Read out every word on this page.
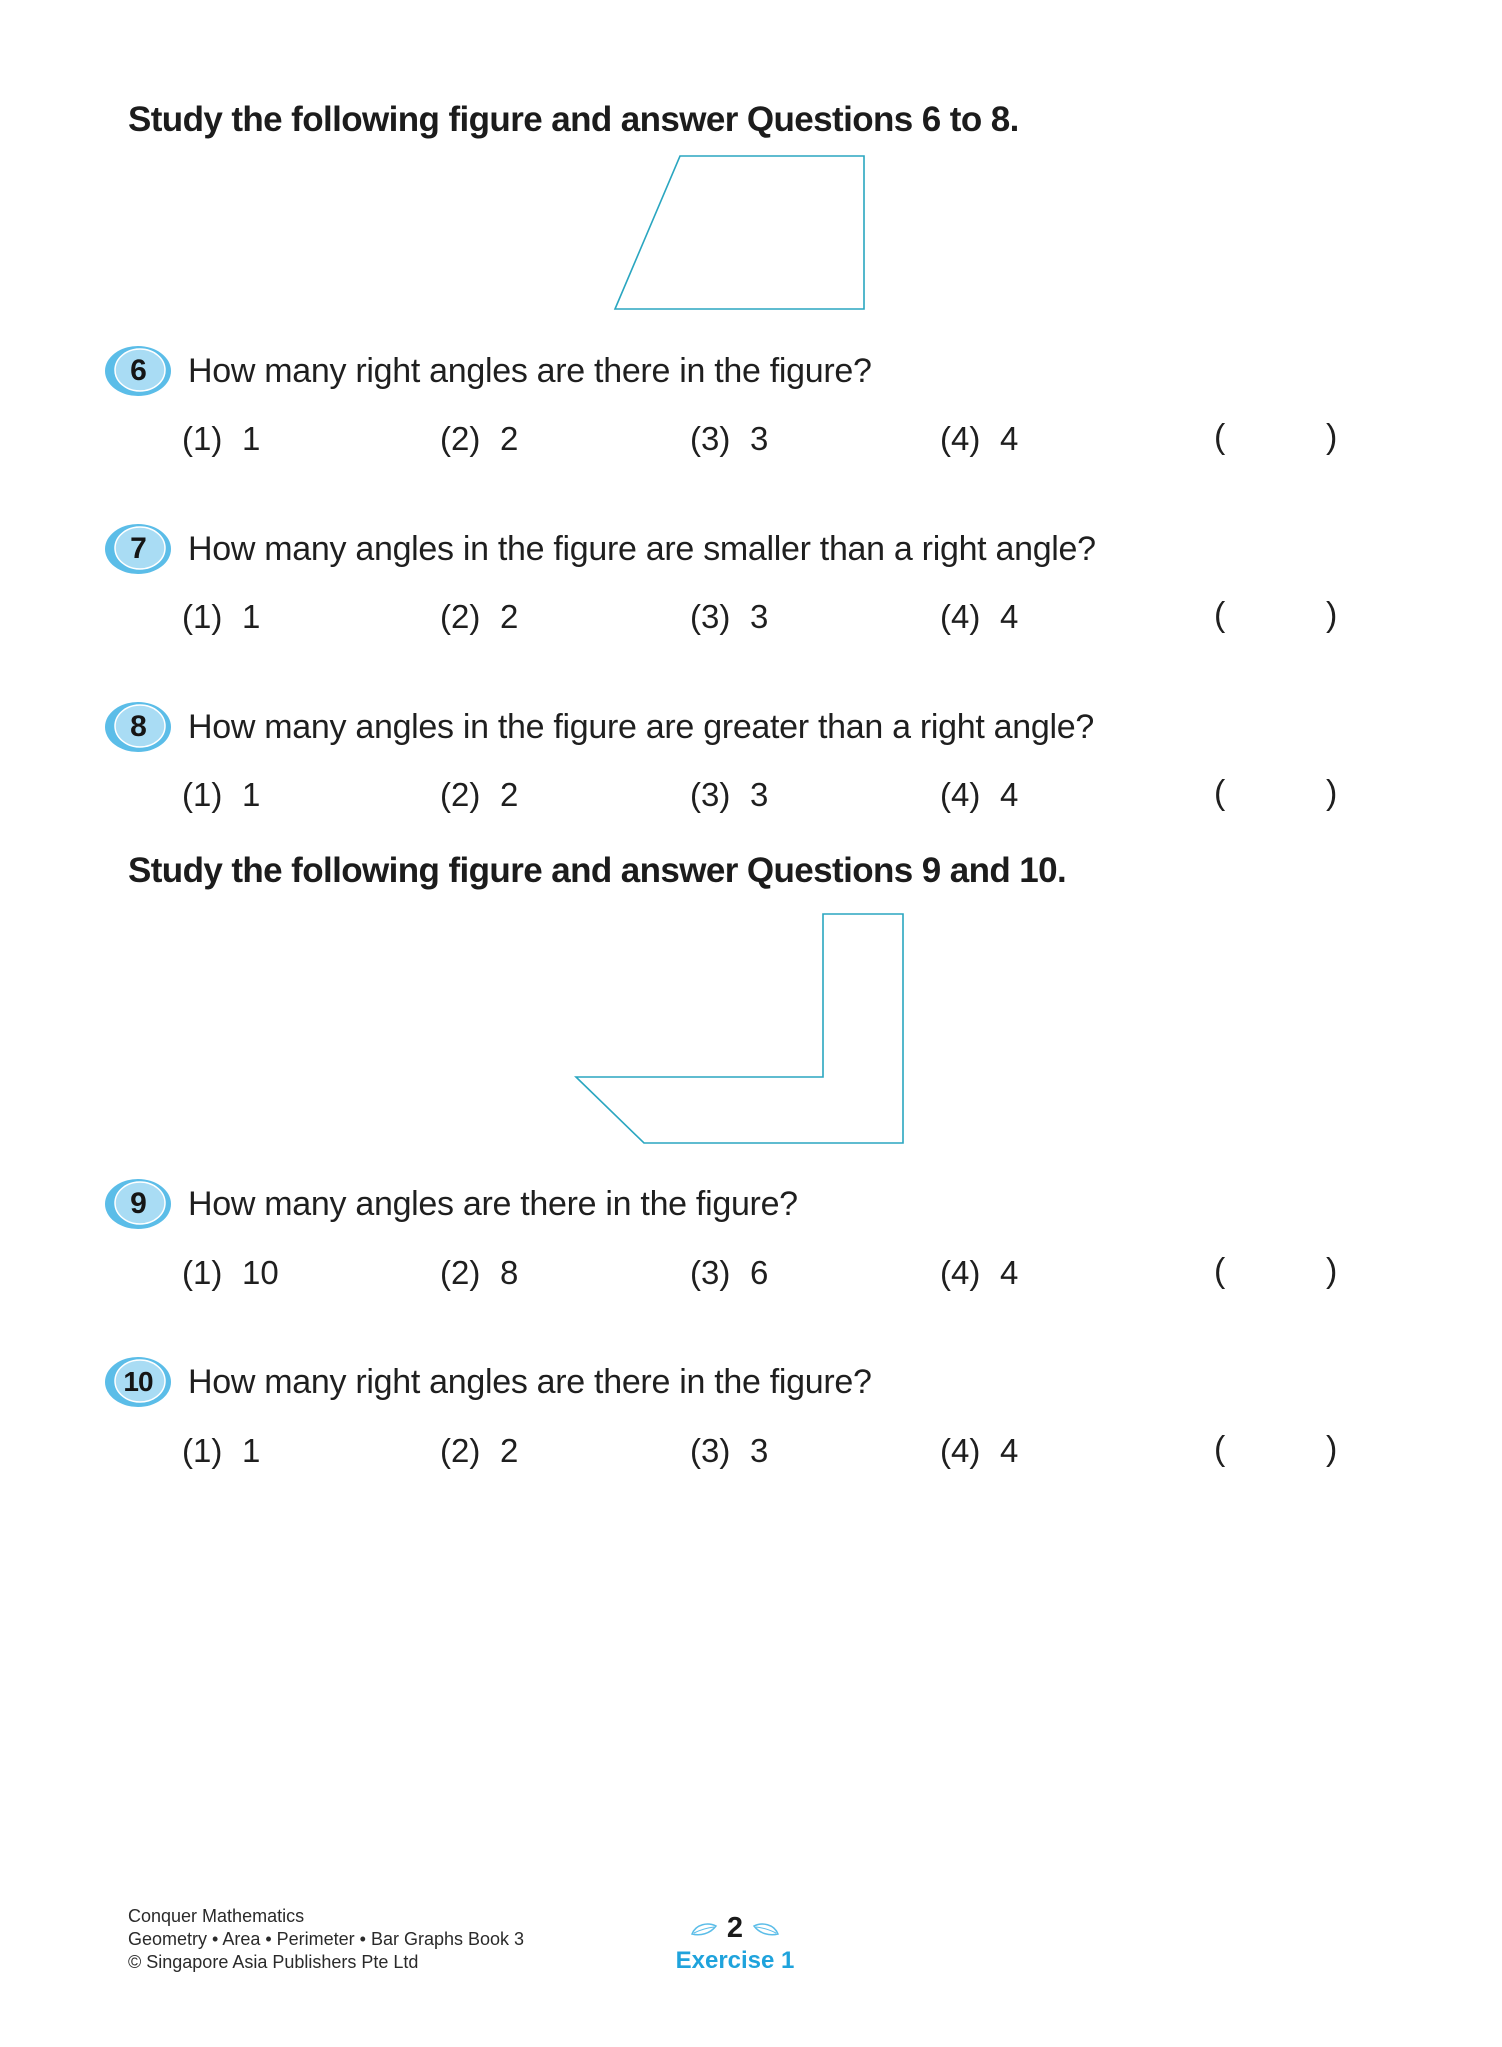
Study the following figure and answer Questions 6 to 8.
6	How many right angles are there in the figure?
(1) 1	(2) 2	(3) 3	(4) 4	(	)
7	How many angles in the figure are smaller than a right angle?
(1) 1	(2) 2	(3) 3	(4) 4	(	)
8	How many angles in the figure are greater than a right angle?
(1) 1	(2) 2	(3) 3	(4) 4	(	)
Study the following figure and answer Questions 9 and 10.
9	How many angles are there in the figure?
(1) 10	(2) 8	(3) 6	(4) 4	(	)
10	How many right angles are there in the figure?
(1) 1	(2) 2	(3) 3	(4) 4	(	)
Conquer Mathematics
Geometry • Area • Perimeter • Bar Graphs Book 3
© Singapore Asia Publishers Pte Ltd
2
Exercise 1
